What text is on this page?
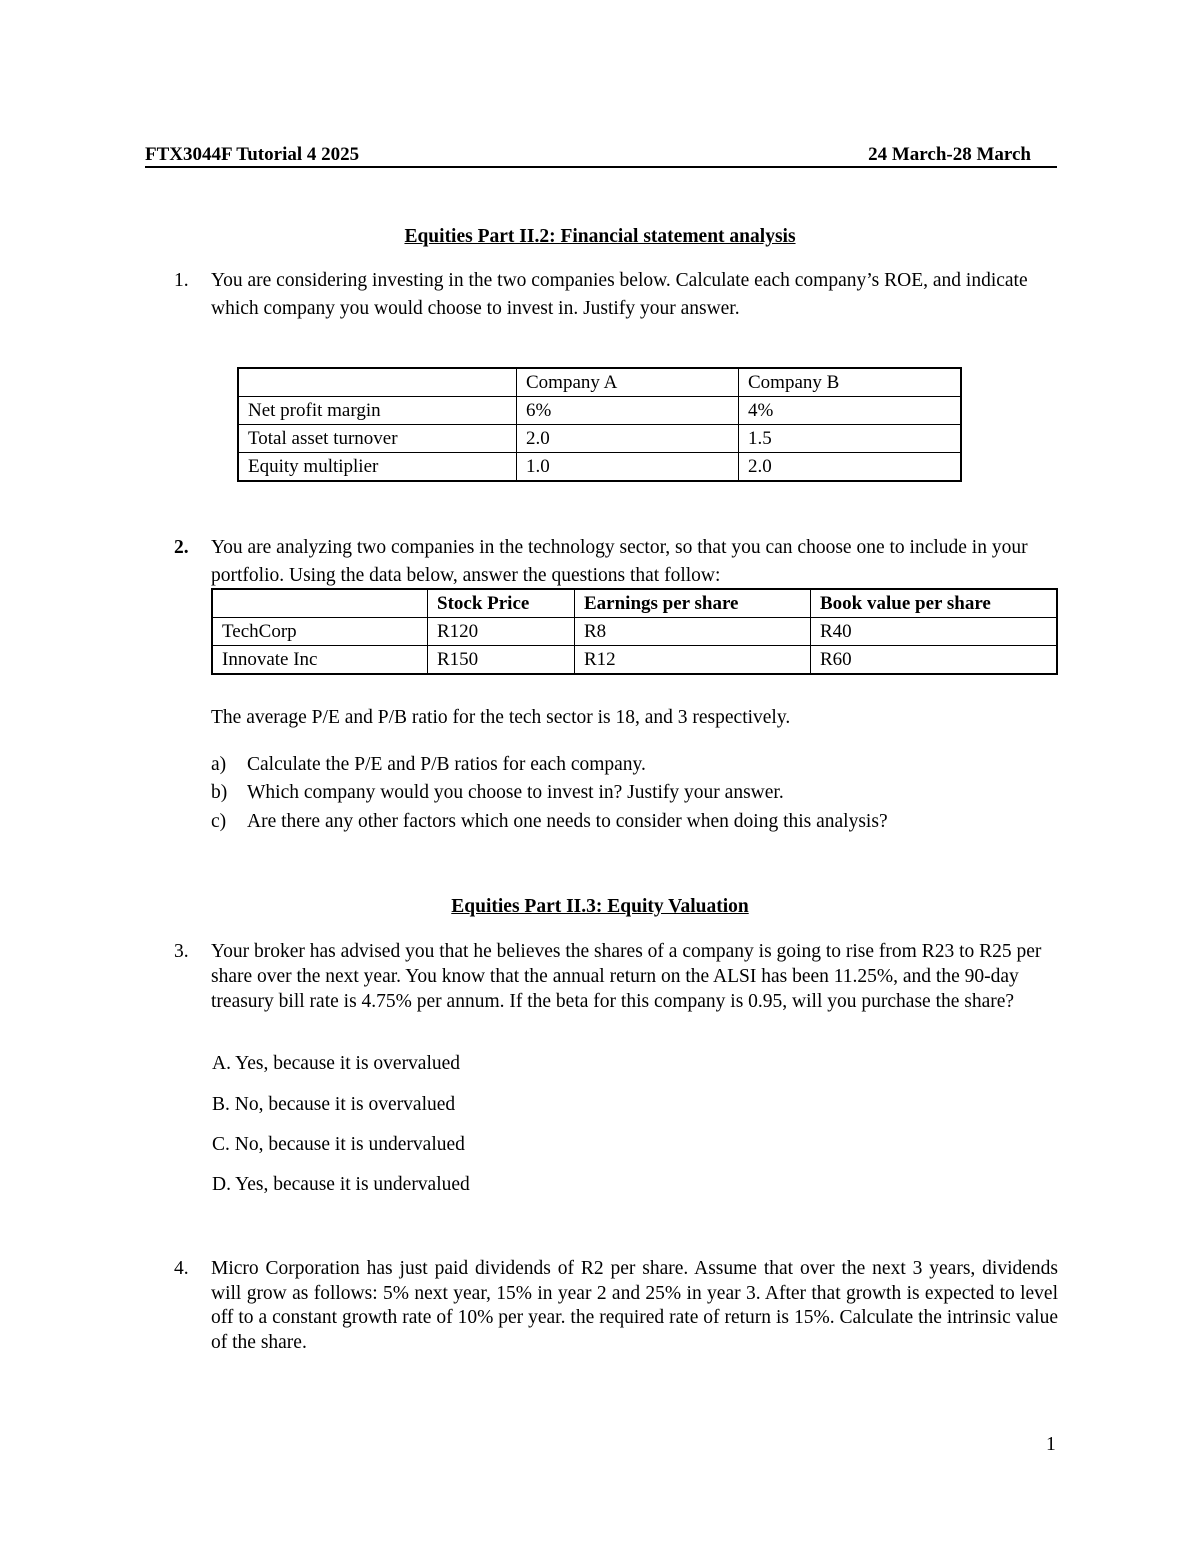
FTX3044F Tutorial 4 2025	24 March-28 March
Equities Part II.2: Financial statement analysis
1. You are considering investing in the two companies below. Calculate each company’s ROE, and indicate which company you would choose to invest in. Justify your answer.
	Company A	Company B
Net profit margin	6%	4%
Total asset turnover	2.0	1.5
Equity multiplier	1.0	2.0
2. You are analyzing two companies in the technology sector, so that you can choose one to include in your portfolio. Using the data below, answer the questions that follow:
	Stock Price	Earnings per share	Book value per share
TechCorp	R120	R8	R40
Innovate Inc	R150	R12	R60
The average P/E and P/B ratio for the tech sector is 18, and 3 respectively.
a) Calculate the P/E and P/B ratios for each company.
b) Which company would you choose to invest in? Justify your answer.
c) Are there any other factors which one needs to consider when doing this analysis?
Equities Part II.3: Equity Valuation
3. Your broker has advised you that he believes the shares of a company is going to rise from R23 to R25 per share over the next year. You know that the annual return on the ALSI has been 11.25%, and the 90-day treasury bill rate is 4.75% per annum. If the beta for this company is 0.95, will you purchase the share?
A. Yes, because it is overvalued
B. No, because it is overvalued
C. No, because it is undervalued
D. Yes, because it is undervalued
4. Micro Corporation has just paid dividends of R2 per share. Assume that over the next 3 years, dividends will grow as follows: 5% next year, 15% in year 2 and 25% in year 3. After that growth is expected to level off to a constant growth rate of 10% per year. the required rate of return is 15%. Calculate the intrinsic value of the share.
1
